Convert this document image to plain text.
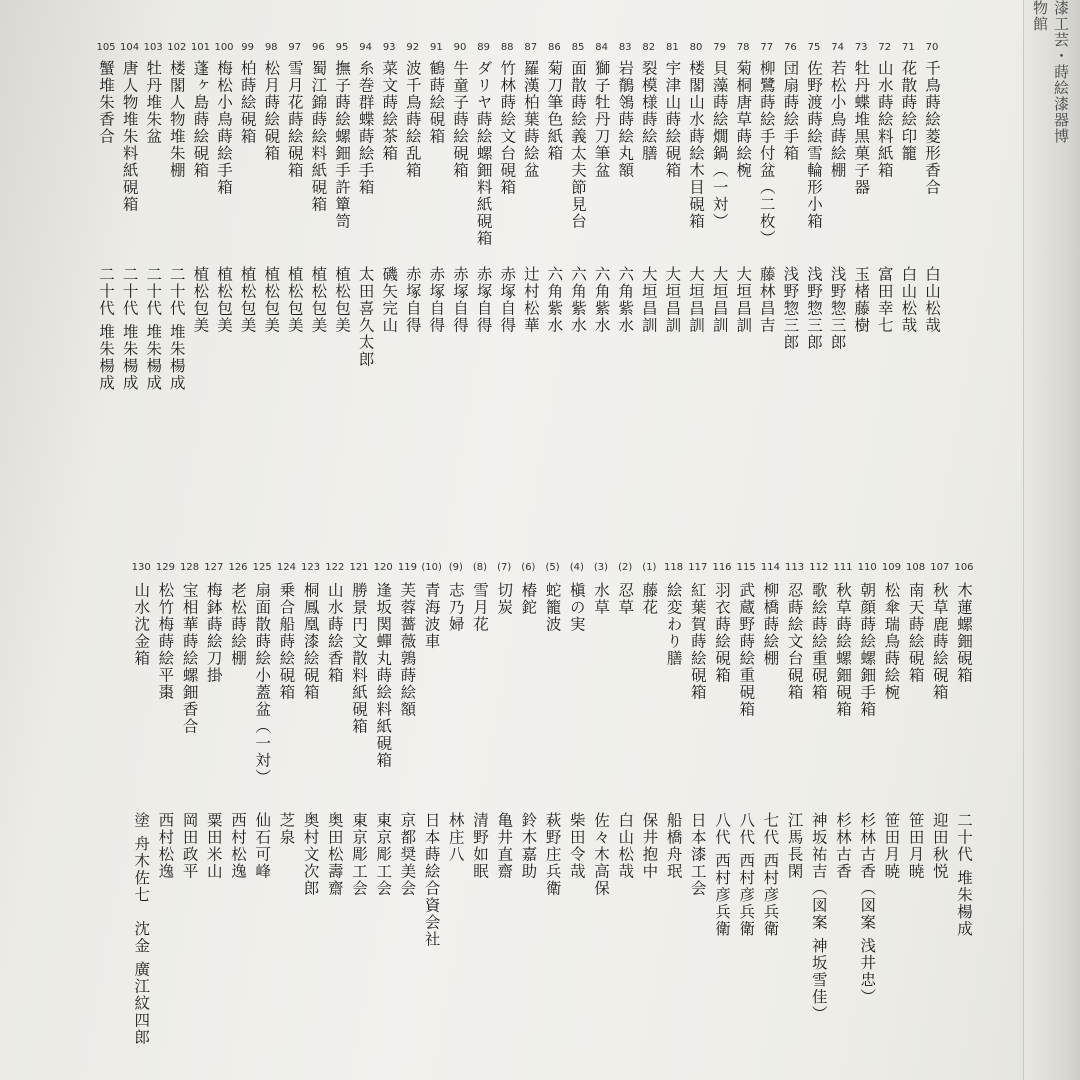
漆工芸・蒔絵漆器博物館
70
千鳥蒔絵菱形香合
白山松哉
71
花散蒔絵印籠
白山松哉
72
山水蒔絵料紙箱
富田幸七
73
牡丹蝶堆黒菓子器
玉楮藤樹
74
若松小鳥蒔絵棚
浅野惣三郎
75
佐野渡蒔絵雪輪形小箱
浅野惣三郎
76
団扇蒔絵手箱
浅野惣三郎
77
柳鷺蒔絵手付盆（二枚）
藤林昌吉
78
菊桐唐草蒔絵椀
大垣昌訓
79
貝藻蒔絵燗鍋（一対）
大垣昌訓
80
楼閣山水蒔絵木目硯箱
大垣昌訓
81
宇津山蒔絵硯箱
大垣昌訓
82
裂模様蒔絵膳
大垣昌訓
83
岩鶺鴒蒔絵丸額
六角紫水
84
獅子牡丹刀筆盆
六角紫水
85
面散蒔絵義太夫節見台
六角紫水
86
菊刀筆色紙箱
六角紫水
87
羅漢柏葉蒔絵盆
辻村松華
88
竹林蒔絵文台硯箱
赤塚自得
89
ダリヤ蒔絵螺鈿料紙硯箱
赤塚自得
90
牛童子蒔絵硯箱
赤塚自得
91
鶴蒔絵硯箱
赤塚自得
92
波千鳥蒔絵乱箱
赤塚自得
93
菜文蒔絵茶箱
磯矢完山
94
糸巻群蝶蒔絵手箱
太田喜久太郎
95
撫子蒔絵螺鈿手許簞笥
植松包美
96
蜀江錦蒔絵料紙硯箱
植松包美
97
雪月花蒔絵硯箱
植松包美
98
松月蒔絵硯箱
植松包美
99
柏蒔絵硯箱
植松包美
100
梅松小鳥蒔絵手箱
植松包美
101
蓬ヶ島蒔絵硯箱
植松包美
102
楼閣人物堆朱棚
二十代 堆朱楊成
103
牡丹堆朱盆
二十代 堆朱楊成
104
唐人物堆朱料紙硯箱
二十代 堆朱楊成
105
蟹堆朱香合
二十代 堆朱楊成
106
木蓮螺鈿硯箱
二十代 堆朱楊成
107
秋草鹿蒔絵硯箱
迎田秋悦
108
南天蒔絵硯箱
笹田月暁
109
松傘瑞鳥蒔絵椀
笹田月暁
110
朝顔蒔絵螺鈿手箱
杉林古香（図案 浅井忠）
111
秋草蒔絵螺鈿硯箱
杉林古香
112
歌絵蒔絵重硯箱
神坂祐吉（図案 神坂雪佳）
113
忍蒔絵文台硯箱
江馬長閑
114
柳橋蒔絵棚
七代 西村彦兵衛
115
武蔵野蒔絵重硯箱
八代 西村彦兵衛
116
羽衣蒔絵硯箱
八代 西村彦兵衛
117
紅葉賀蒔絵硯箱
日本漆工会
118
絵変わり膳
船橋舟珉
(1)
藤花
保井抱中
(2)
忍草
白山松哉
(3)
水草
佐々木高保
(4)
槇の実
柴田令哉
(5)
蛇籠波
萩野庄兵衛
(6)
椿鉈
鈴木嘉助
(7)
切炭
亀井直齋
(8)
雪月花
清野如眠
(9)
志乃婦
林庄八
(10)
青海波車
日本蒔絵合資会社
119
芙蓉薔薇鶉蒔絵額
京都奨美会
120
逢坂関蟬丸蒔絵料紙硯箱
東京彫工会
121
勝景円文散料紙硯箱
東京彫工会
122
山水蒔絵香箱
奥田松壽齋
123
桐鳳凰漆絵硯箱
奥村文次郎
124
乗合船蒔絵硯箱
芝泉
125
扇面散蒔絵小蓋盆（一対）
仙石可峰
126
老松蒔絵棚
西村松逸
127
梅鉢蒔絵刀掛
粟田米山
128
宝相華蒔絵螺鈿香合
岡田政平
129
松竹梅蒔絵平棗
西村松逸
130
山水沈金箱
塗 舟木佐七　沈金 廣江紋四郎
